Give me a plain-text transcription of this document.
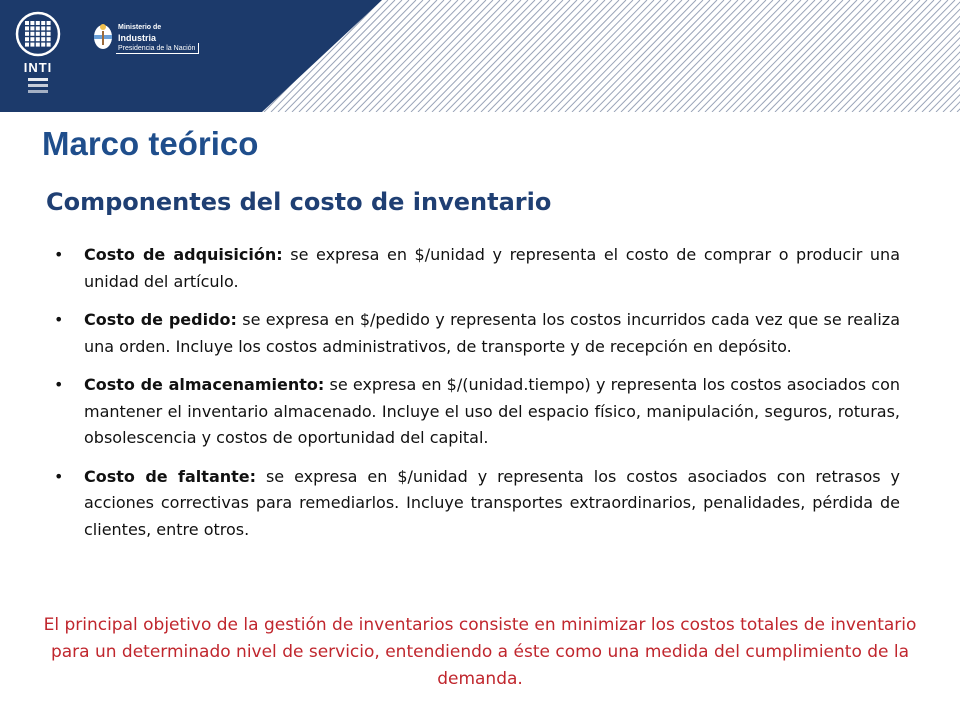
INTI
Ministerio de
Industria
Presidencia de la Nación
Marco teórico
Componentes del costo de inventario
• Costo de adquisición: se expresa en $/unidad y representa el costo de comprar o producir una unidad del artículo.
• Costo de pedido: se expresa en $/pedido y representa los costos incurridos cada vez que se realiza una orden. Incluye los costos administrativos, de transporte y de recepción en depósito.
• Costo de almacenamiento: se expresa en $/(unidad.tiempo) y representa los costos asociados con mantener el inventario almacenado. Incluye el uso del espacio físico, manipulación, seguros, roturas, obsolescencia y costos de oportunidad del capital.
• Costo de faltante: se expresa en $/unidad y representa los costos asociados con retrasos y acciones correctivas para remediarlos. Incluye transportes extraordinarios, penalidades, pérdida de clientes, entre otros.

El principal objetivo de la gestión de inventarios consiste en minimizar los costos totales de inventario para un determinado nivel de servicio, entendiendo a éste como una medida del cumplimiento de la demanda.
